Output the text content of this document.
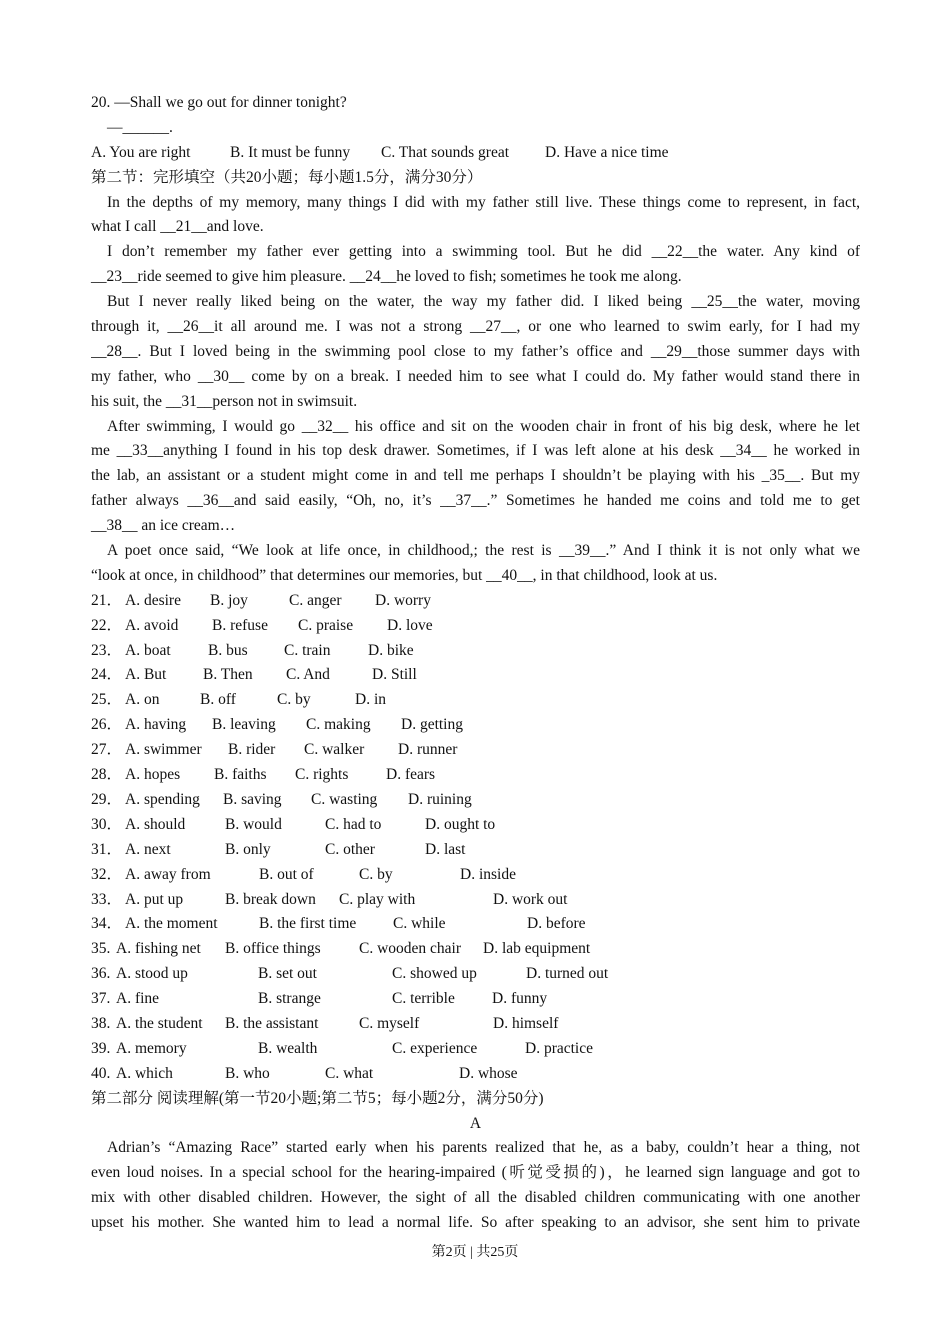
20. —Shall we go out for dinner tonight?
—______.
A. You are right	B. It must be funny C. That sounds great D. Have a nice time
第二节：完形填空（共20小题；每小题1.5分，满分30分）
In the depths of my memory, many things I did with my father still live. These things come to represent, in fact,
what I call __21__and love.
I don’t remember my father ever getting into a swimming tool. But he did __22__the water. Any kind of
__23__ride seemed to give him pleasure. __24__he loved to fish; sometimes he took me along.
But I never really liked being on the water, the way my father did. I liked being __25__the water, moving
through it, __26__it all around me. I was not a strong __27__, or one who learned to swim early, for I had my
__28__. But I loved being in the swimming pool close to my father’s office and __29__those summer days with
my father, who __30__ come by on a break. I needed him to see what I could do. My father would stand there in
his suit, the __31__person not in swimsuit.
After swimming, I would go __32__ his office and sit on the wooden chair in front of his big desk, where he let
me __33__anything I found in his top desk drawer. Sometimes, if I was left alone at his desk __34__ he worked in
the lab, an assistant or a student might come in and tell me perhaps I shouldn’t be playing with his _35__. But my
father always __36__and said easily, “Oh, no, it’s __37__.” Sometimes he handed me coins and told me to get
__38__ an ice cream…
A poet once said, “We look at life once, in childhood,; the rest is __39__.” And I think it is not only what we
“look at once, in childhood” that determines our memories, but __40__, in that childhood, look at us.
21． A. desire B. joy	C. anger D. worry
22． A. avoid B. refuse C. praise D. love
23． A. boat B. bus C. train D. bike
24． A. But B. Then C. And	D. Still
25． A. on	B. off	C. by	D. in
26． A. having B. leaving C. making D. getting
27． A. swimmer B. rider C. walker D. runner
28． A. hopes B. faiths C. rights D. fears
29． A. spending B. saving C. wasting D. ruining
30． A. should	B. would	C. had to	D. ought to
31． A. next	B. only	C. other	D. last
32． A. away from	B. out of	C. by	D. inside
33． A. put up	B. break down C. play with	D. work out
34． A. the moment	B. the first time C. while	D. before
35.A. fishing net B. office things C. wooden chair D. lab equipment
36.A. stood up	B. set out	C. showed up	D. turned out
37.A. fine	B. strange	C. terrible D. funny
38.A. the student B. the assistant	C. myself	D. himself
39.A. memory	B. wealth	C. experience	D. practice
40.A. which	B. who	C. what	D. whose
第二部分 阅读理解(第一节20小题;第二节5；每小题2分，满分50分)
A
Adrian’s “Amazing Race” started early when his parents realized that he, as a baby, couldn’t hear a thing, not
even loud noises. In a special school for the hearing-impaired (听觉受损的)，he learned sign language and got to
mix with other disabled children. However, the sight of all the disabled children communicating with one another
upset his mother. She wanted him to lead a normal life. So after speaking to an advisor, she sent him to private
第2页 | 共25页
